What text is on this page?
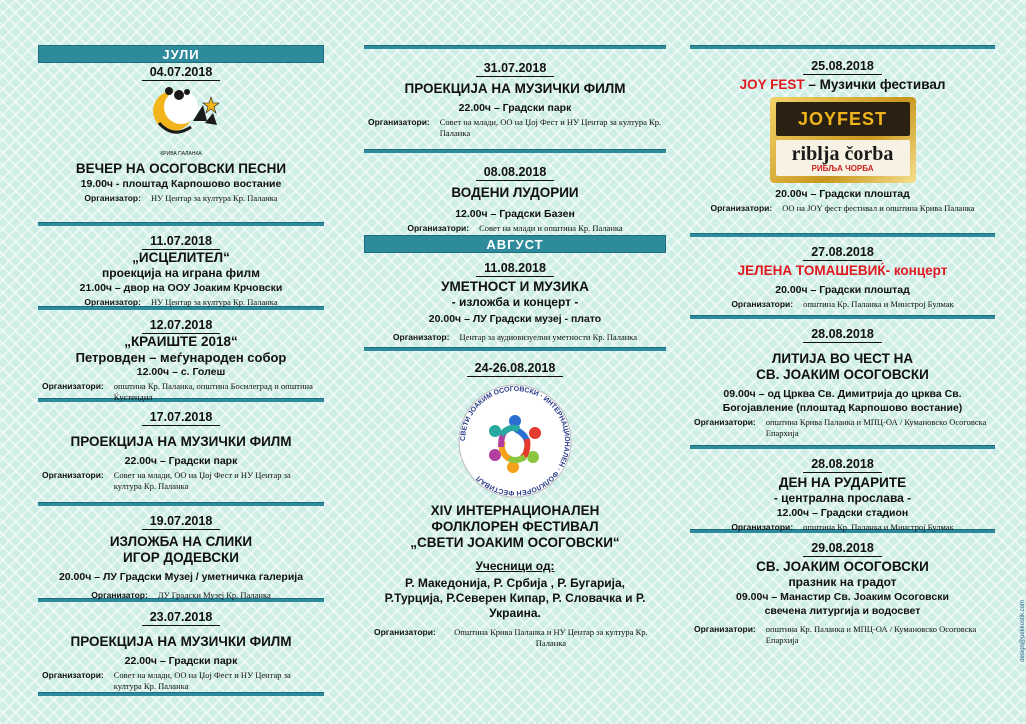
ЈУЛИ
04.07.2018
КРИВА ПАЛАНКА
ВЕЧЕР НА ОСОГОВСКИ ПЕСНИ
19.00ч - плоштад Карпошово востание
Организатор: НУ Центар за култура Кр. Паланка
11.07.2018
„ИСЦЕЛИТЕЛ“
проекција на играна филм
21.00ч – двор на ООУ Јоаким Крчовски
Организатор: НУ Центар за култура Кр. Паланка
12.07.2018
„КРАИШТЕ 2018“
Петровден – меѓународен собор
12.00ч – с. Голеш
Организатори: општина Кр. Паланка, општина Босилеград и општина Ќустендил
17.07.2018
ПРОЕКЦИЈА НА МУЗИЧКИ ФИЛМ
22.00ч – Градски парк
Организатори: Совет на млади, ОО на Џој Фест и НУ Центар за култура Кр. Паланка
19.07.2018
ИЗЛОЖБА НА СЛИКИ
ИГОР ДОДЕВСКИ
20.00ч – ЛУ Градски Музеј / уметничка галерија
Организатор: ЛУ Градски Музеј Кр. Паланка
23.07.2018
ПРОЕКЦИЈА НА МУЗИЧКИ ФИЛМ
22.00ч – Градски парк
Организатори: Совет на млади, ОО на Џој Фест и НУ Центар за култура Кр. Паланка
31.07.2018
ПРОЕКЦИЈА НА МУЗИЧКИ ФИЛМ
22.00ч – Градски парк
Организатори: Совет на млади, ОО на Џој Фест и НУ Центар за култура Кр. Паланка
08.08.2018
ВОДЕНИ ЛУДОРИИ
12.00ч – Градски Базен
Организатори: Совет на млади и општина Кр. Паланка
АВГУСТ
11.08.2018
УМЕТНОСТ И МУЗИКА
- изложба и концерт -
20.00ч – ЛУ Градски музеј - плато
Организатор: Центар за аудиовизуелни уметности Кр. Паланка
24-26.08.2018
СВЕТИ ЈОАКИМ ОСОГОВСКИ · ИНТЕРНАЦИОНАЛЕН · ФОЛКЛОРЕН ФЕСТИВАЛ
XIV ИНТЕРНАЦИОНАЛЕН
ФОЛКЛОРЕН ФЕСТИВАЛ
„СВЕТИ ЈОАКИМ ОСОГОВСКИ“
Учесници од:
Р. Македонија, Р. Србија , Р. Бугарија, Р.Турција, Р.Северен Кипар, Р. Словачка и Р. Украина.
Организатори:	Општина Крива Паланка и НУ Центар за култура Кр. Паланка
25.08.2018
JOY FEST – Музички фестивал
JOYFEST
riblja čorba
РИБЉА ЧОРБА
20.00ч – Градски плоштад
Организатори: ОО на JOY фест фестивал и општина Крива Паланка
27.08.2018
ЈЕЛЕНА ТОМАШЕВИЌ- концерт
20.00ч – Градски плоштад
Организатори: општина Кр. Паланка и Минстрој Булмак
28.08.2018
ЛИТИЈА ВО ЧЕСТ НА
СВ. ЈОАКИМ ОСОГОВСКИ
09.00ч – од Црква Св. Димитрија до црква Св. Богојавление (плоштад Карпошово востание)
Организатори: општина Крива Паланка и МПЦ-ОА / Кумановско Осоговска Епархија
28.08.2018
ДЕН НА РУДАРИТЕ
- централна прослава -
12.00ч – Градски стадион
Организатори: општина Кр. Паланка и Минстрој Булмак
29.08.2018
СВ. ЈОАКИМ ОСОГОВСКИ
празник на градот
09.00ч – Манастир Св. Јоаким Осоговски
свечена литургија и водосвет
Организатори: општина Кр. Паланка и МПЦ-ОА / Кумановско Осоговска Епархија	design@pekkostik.com
